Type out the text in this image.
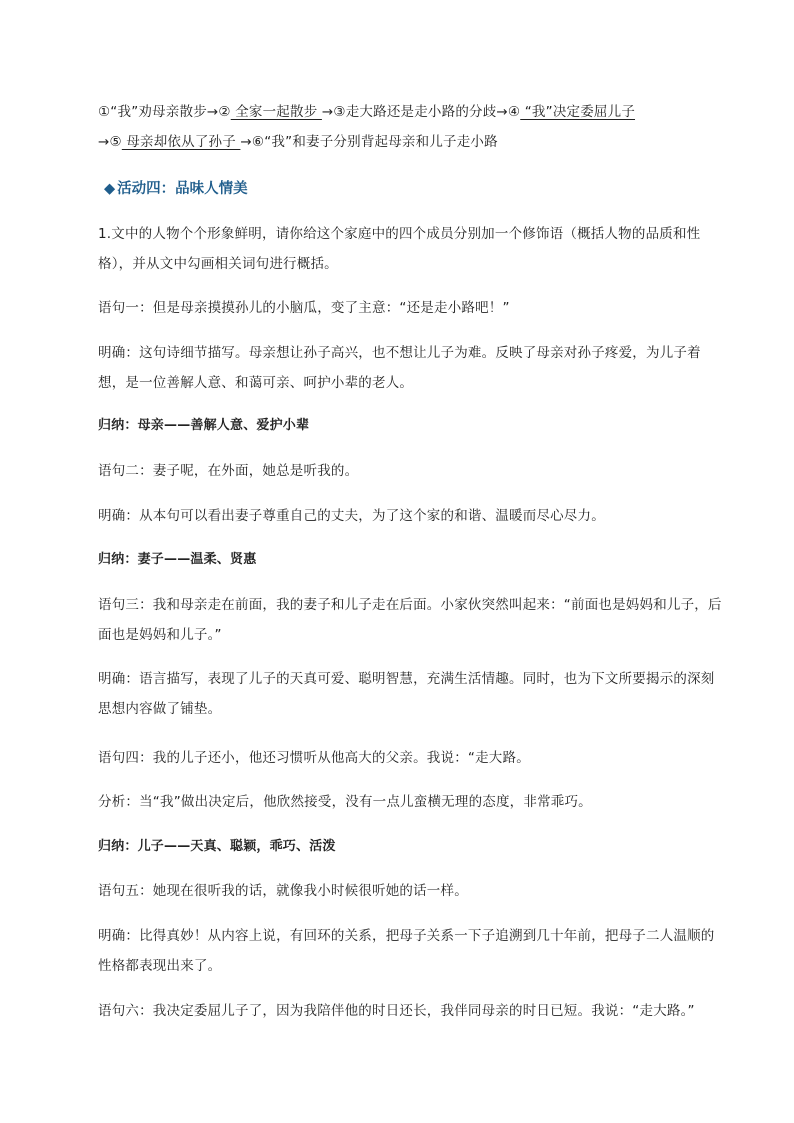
①“我”劝母亲散步→② 全家一起散步 →③走大路还是走小路的分歧→④ “我”决定委屈儿子
→⑤ 母亲却依从了孙子 →⑥“我”和妻子分别背起母亲和儿子走小路
◆ 活动四：品味人情美
1.文中的人物个个形象鲜明，请你给这个家庭中的四个成员分别加一个修饰语（概括人物的品质和性格），并从文中勾画相关词句进行概括。
语句一：但是母亲摸摸孙儿的小脑瓜，变了主意：“还是走小路吧！”
明确：这句诗细节描写。母亲想让孙子高兴，也不想让儿子为难。反映了母亲对孙子疼爱，为儿子着想，是一位善解人意、和蔼可亲、呵护小辈的老人。
归纳：母亲——善解人意、爱护小辈
语句二：妻子呢，在外面，她总是听我的。
明确：从本句可以看出妻子尊重自己的丈夫，为了这个家的和谐、温暖而尽心尽力。
归纳：妻子——温柔、贤惠
语句三：我和母亲走在前面，我的妻子和儿子走在后面。小家伙突然叫起来：“前面也是妈妈和儿子，后面也是妈妈和儿子。”
明确：语言描写，表现了儿子的天真可爱、聪明智慧，充满生活情趣。同时，也为下文所要揭示的深刻思想内容做了铺垫。
语句四：我的儿子还小，他还习惯听从他高大的父亲。我说：“走大路。
分析：当“我”做出决定后，他欣然接受，没有一点儿蛮横无理的态度，非常乖巧。
归纳：儿子——天真、聪颖，乖巧、活泼
语句五：她现在很听我的话，就像我小时候很听她的话一样。
明确：比得真妙！从内容上说，有回环的关系，把母子关系一下子追溯到几十年前，把母子二人温顺的性格都表现出来了。
语句六：我决定委屈儿子了，因为我陪伴他的时日还长，我伴同母亲的时日已短。我说：“走大路。”
